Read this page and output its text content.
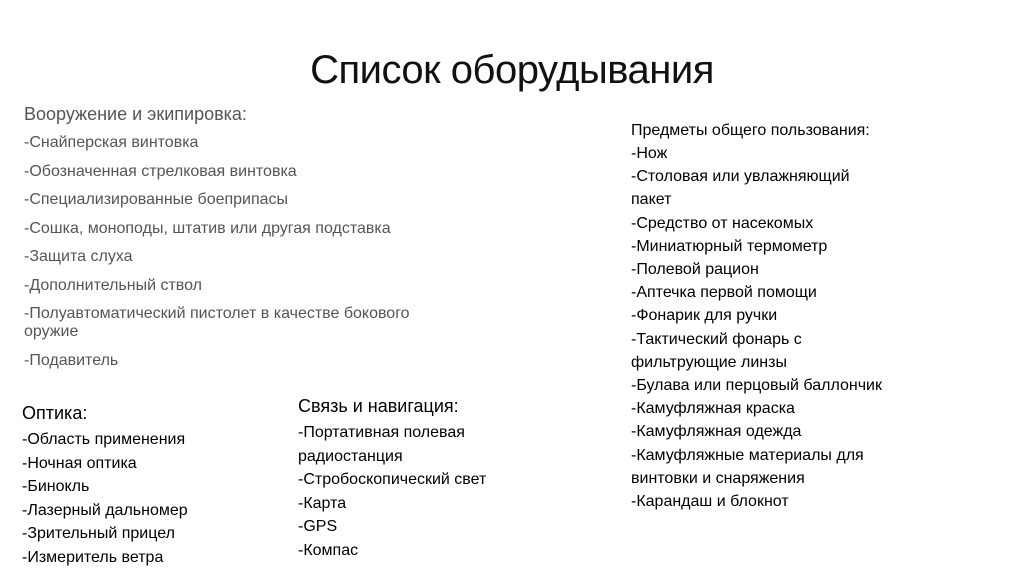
Список оборудывания
Вооружение и экипировка:
-Снайперская винтовка
-Обозначенная стрелковая винтовка
-Специализированные боеприпасы
-Сошка, моноподы, штатив или другая подставка
-Защита слуха
-Дополнительный ствол
-Полуавтоматический пистолет в качестве бокового оружие
-Подавитель
Оптика:
-Область применения
-Ночная оптика
-Бинокль
-Лазерный дальномер
-Зрительный прицел
-Измеритель ветра
Связь и навигация:
-Портативная полевая радиостанция
-Стробоскопический свет
-Карта
-GPS
-Компас
Предметы общего пользования:
-Нож
-Столовая или увлажняющий пакет
-Средство от насекомых
-Миниатюрный термометр
-Полевой рацион
-Аптечка первой помощи
-Фонарик для ручки
-Тактический фонарь с фильтрующие линзы
-Булава или перцовый баллончик
-Камуфляжная краска
-Камуфляжная одежда
-Камуфляжные материалы для винтовки и снаряжения
-Карандаш и блокнот
